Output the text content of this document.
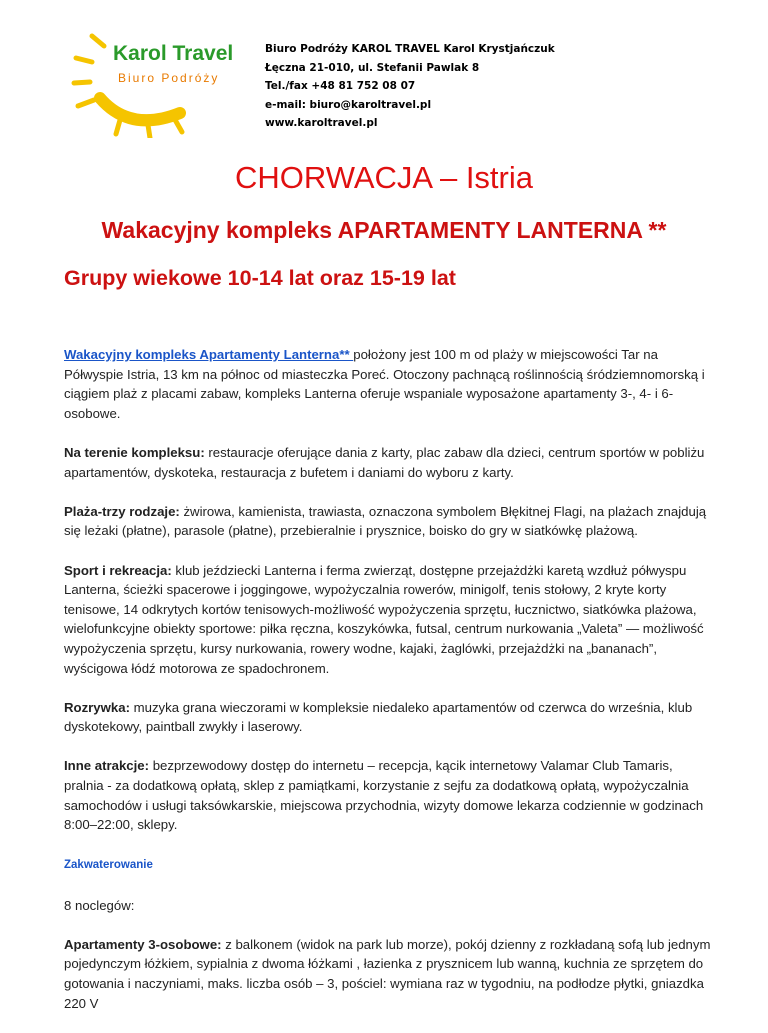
Karol Travel
Biuro Podróży
Biuro Podróży KAROL TRAVEL Karol Krystjańczuk
Łęczna 21-010, ul. Stefanii Pawlak 8
Tel./fax +48 81 752 08 07
e-mail: biuro@karoltravel.pl
www.karoltravel.pl
CHORWACJA – Istria
Wakacyjny kompleks APARTAMENTY LANTERNA **
Grupy wiekowe 10-14 lat oraz 15-19 lat

Wakacyjny kompleks Apartamenty Lanterna** położony jest 100 m od plaży w miejscowości Tar na Półwyspie Istria, 13 km na północ od miasteczka Poreć. Otoczony pachnącą roślinnością śródziemnomorską i ciągiem plaż z placami zabaw, kompleks Lanterna oferuje wspaniale wyposażone apartamenty 3-, 4- i 6-osobowe.

Na terenie kompleksu: restauracje oferujące dania z karty, plac zabaw dla dzieci, centrum sportów w pobliżu apartamentów, dyskoteka, restauracja z bufetem i daniami do wyboru z karty.

Plaża-trzy rodzaje: żwirowa, kamienista, trawiasta, oznaczona symbolem Błękitnej Flagi, na plażach znajdują się leżaki (płatne), parasole (płatne), przebieralnie i prysznice, boisko do gry w siatkówkę plażową.

Sport i rekreacja: klub jeździecki Lanterna i ferma zwierząt, dostępne przejażdżki karetą wzdłuż półwyspu Lanterna, ścieżki spacerowe i joggingowe, wypożyczalnia rowerów, minigolf, tenis stołowy, 2 kryte korty tenisowe, 14 odkrytych kortów tenisowych-możliwość wypożyczenia sprzętu, łucznictwo, siatkówka plażowa, wielofunkcyjne obiekty sportowe: piłka ręczna, koszykówka, futsal, centrum nurkowania „Valeta” — możliwość wypożyczenia sprzętu, kursy nurkowania, rowery wodne, kajaki, żaglówki, przejażdżki na „bananach”, wyścigowa łódź motorowa ze spadochronem.

Rozrywka: muzyka grana wieczorami w kompleksie niedaleko apartamentów od czerwca do września, klub dyskotekowy, paintball zwykły i laserowy.

Inne atrakcje: bezprzewodowy dostęp do internetu – recepcja, kącik internetowy Valamar Club Tamaris, pralnia - za dodatkową opłatą, sklep z pamiątkami, korzystanie z sejfu za dodatkową opłatą, wypożyczalnia samochodów i usługi taksówkarskie, miejscowa przychodnia, wizyty domowe lekarza codziennie w godzinach 8:00–22:00, sklepy.

Zakwaterowanie

8 noclegów:

Apartamenty 3-osobowe: z balkonem (widok na park lub morze), pokój dzienny z rozkładaną sofą lub jednym pojedynczym łóżkiem, sypialnia z dwoma łóżkami , łazienka z prysznicem lub wanną, kuchnia ze sprzętem do gotowania i naczyniami, maks. liczba osób – 3, pościel: wymiana raz w tygodniu, na podłodze płytki, gniazdka 220 V
